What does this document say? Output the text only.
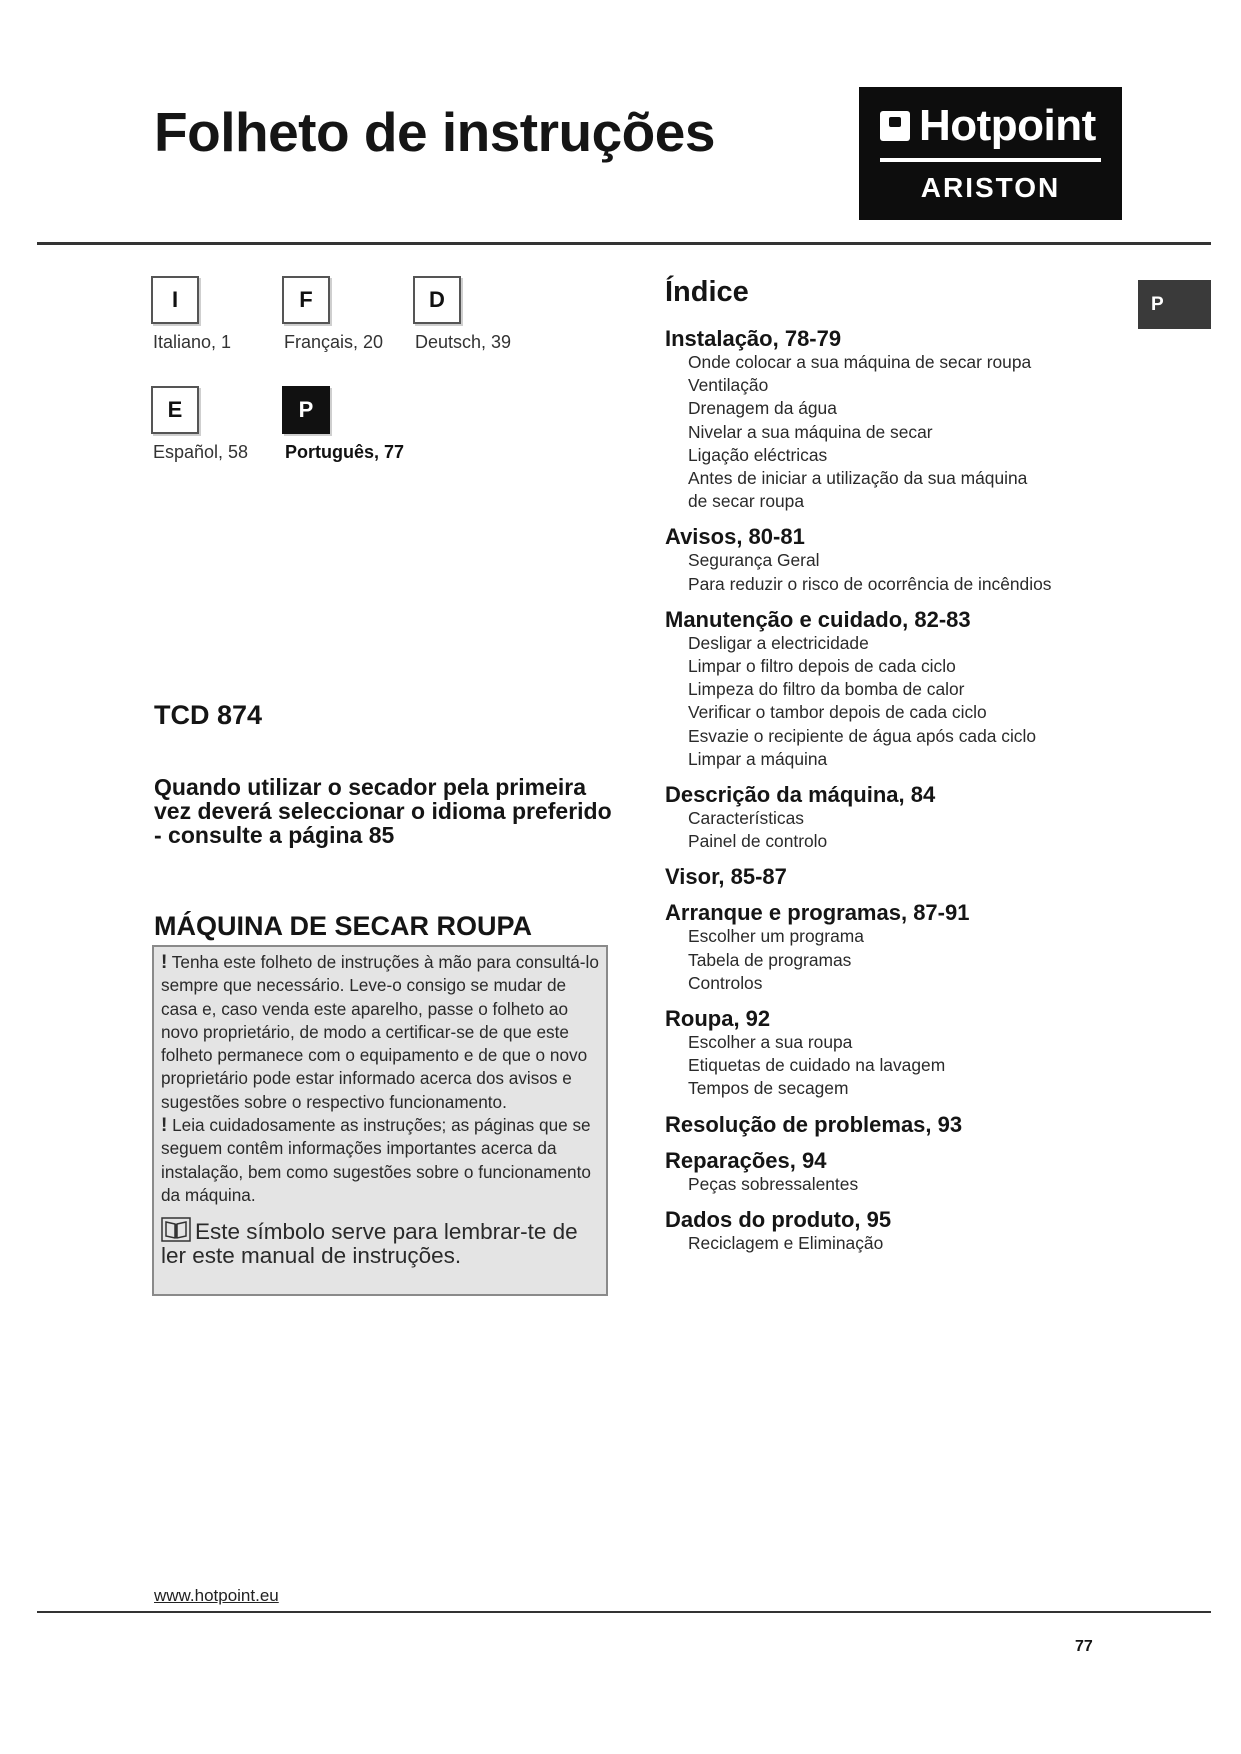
Folheto de instruções	Hotpoint
ARISTON
I
Italiano, 1
F
Français, 20
D
Deutsch, 39
E
Español, 58
P
Português, 77
TCD 874
Quando utilizar o secador pela primeira vez deverá seleccionar o idioma preferido - consulte a página 85
MÁQUINA DE SECAR ROUPA

! Tenha este folheto de instruções à mão para consultá-lo sempre que necessário. Leve-o consigo se mudar de casa e, caso venda este aparelho, passe o folheto ao novo proprietário, de modo a certificar-se de que este folheto permanece com o equipamento e de que o novo proprietário pode estar informado acerca dos avisos e sugestões sobre o respectivo funcionamento.

! Leia cuidadosamente as instruções; as páginas que se seguem contêm informações importantes acerca da instalação, bem como sugestões sobre o funcionamento da máquina.

Este símbolo serve para lembrar-te de ler este manual de instruções.
Índice	P
Instalação, 78-79
Onde colocar a sua máquina de secar roupa
Ventilação
Drenagem da água
Nivelar a sua máquina de secar
Ligação eléctricas
Antes de iniciar a utilização da sua máquina
de secar roupa
Avisos, 80-81
Segurança Geral
Para reduzir o risco de ocorrência de incêndios
Manutenção e cuidado, 82-83
Desligar a electricidade
Limpar o filtro depois de cada ciclo
Limpeza do filtro da bomba de calor
Verificar o tambor depois de cada ciclo
Esvazie o recipiente de água após cada ciclo
Limpar a máquina
Descrição da máquina, 84
Características
Painel de controlo
Visor, 85-87
Arranque e programas, 87-91
Escolher um programa
Tabela de programas
Controlos
Roupa, 92
Escolher a sua roupa
Etiquetas de cuidado na lavagem
Tempos de secagem
Resolução de problemas, 93
Reparações, 94
Peças sobressalentes
Dados do produto, 95
Reciclagem e Eliminação
www.hotpoint.eu
77
